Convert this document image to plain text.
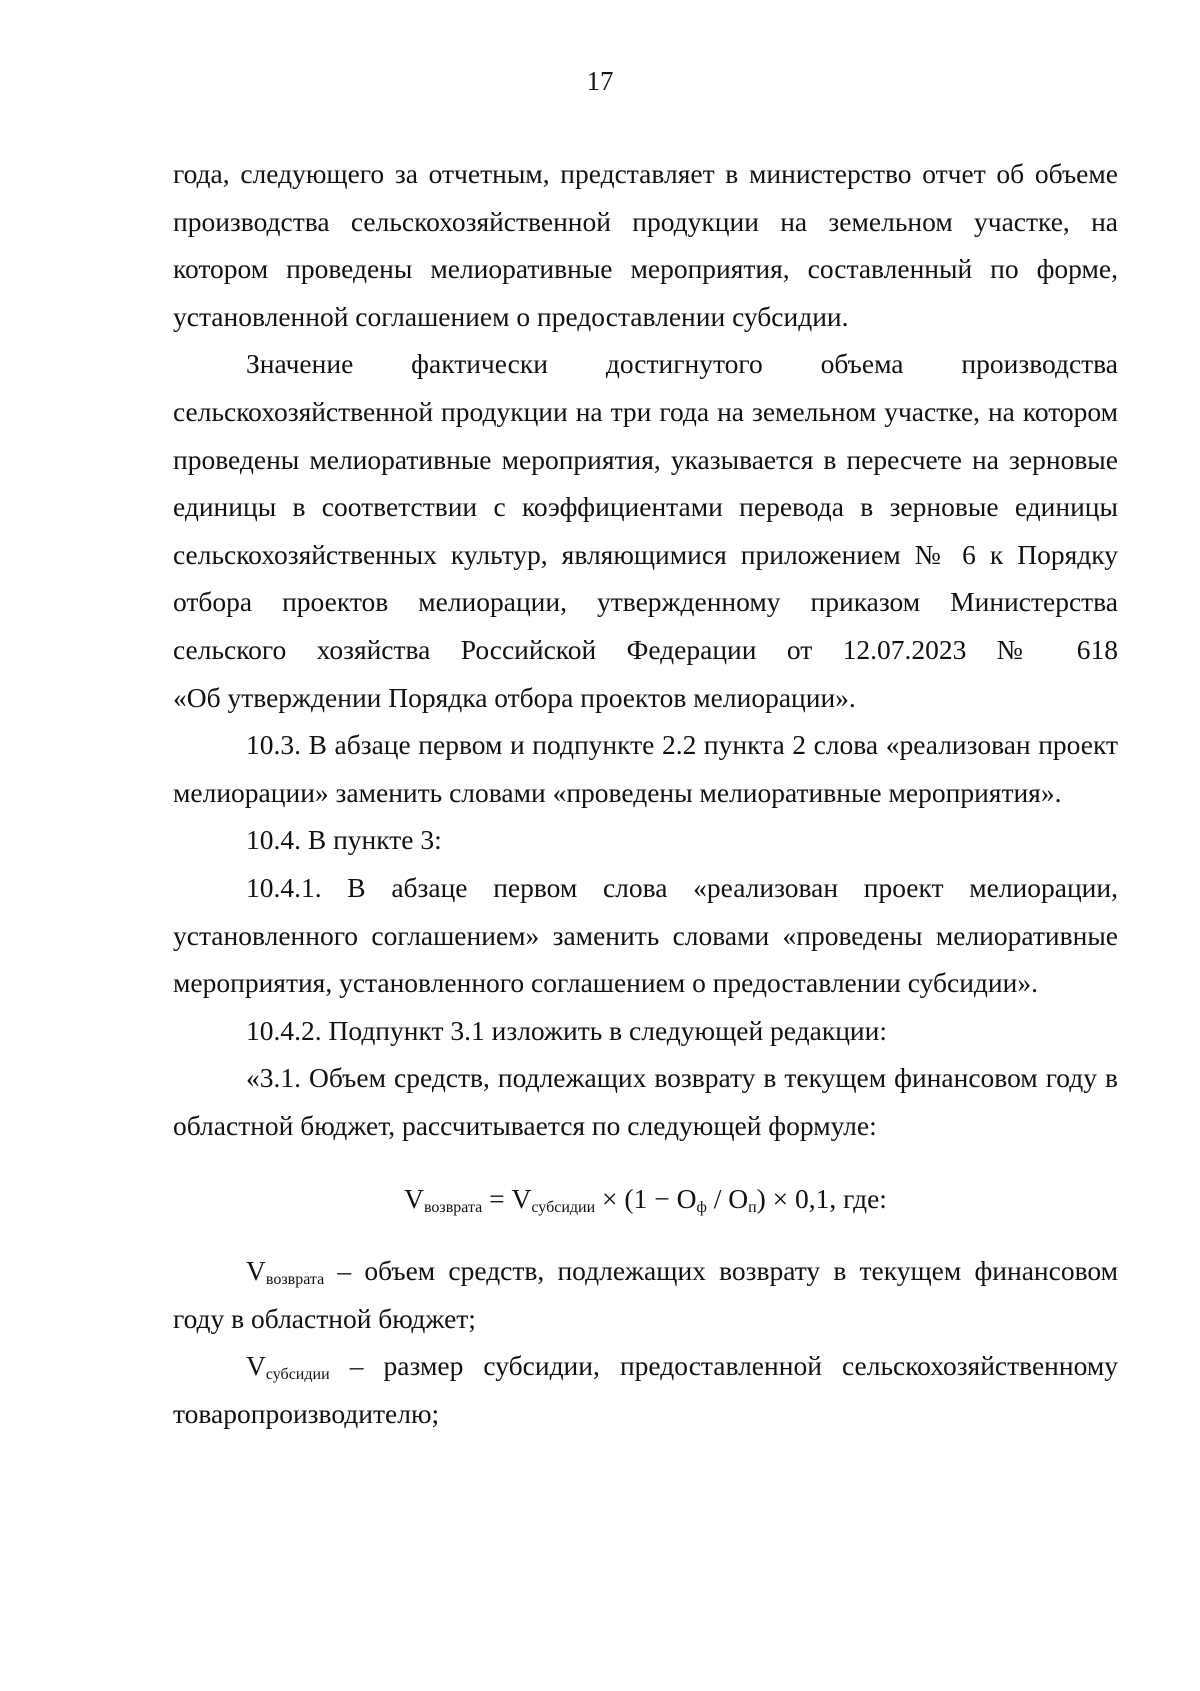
17

года, следующего за отчетным, представляет в министерство отчет об объеме производства сельскохозяйственной продукции на земельном участке, на котором проведены мелиоративные мероприятия, составленный по форме, установленной соглашением о предоставлении субсидии.

Значение фактически достигнутого объема производства сельскохозяйственной продукции на три года на земельном участке, на котором проведены мелиоративные мероприятия, указывается в пересчете на зерновые единицы в соответствии с коэффициентами перевода в зерновые единицы сельскохозяйственных культур, являющимися приложением № 6 к Порядку отбора проектов мелиорации, утвержденному приказом Министерства сельского хозяйства Российской Федерации от 12.07.2023 № 618

«Об утверждении Порядка отбора проектов мелиорации».

10.3. В абзаце первом и подпункте 2.2 пункта 2 слова «реализован проект мелиорации» заменить словами «проведены мелиоративные мероприятия».

10.4. В пункте 3:

10.4.1. В абзаце первом слова «реализован проект мелиорации, установленного соглашением» заменить словами «проведены мелиоративные мероприятия, установленного соглашением о предоставлении субсидии».

10.4.2. Подпункт 3.1 изложить в следующей редакции:

«3.1. Объем средств, подлежащих возврату в текущем финансовом году в областной бюджет, рассчитывается по следующей формуле:

$V_{возврата} = V_{субсидии} \times (1 - O_ф / O_п) \times 0,1$, где:

$V_{возврата}$ – объем средств, подлежащих возврату в текущем финансовом году в областной бюджет;

$V_{субсидии}$ – размер субсидии, предоставленной сельскохозяйственному товаропроизводителю;
